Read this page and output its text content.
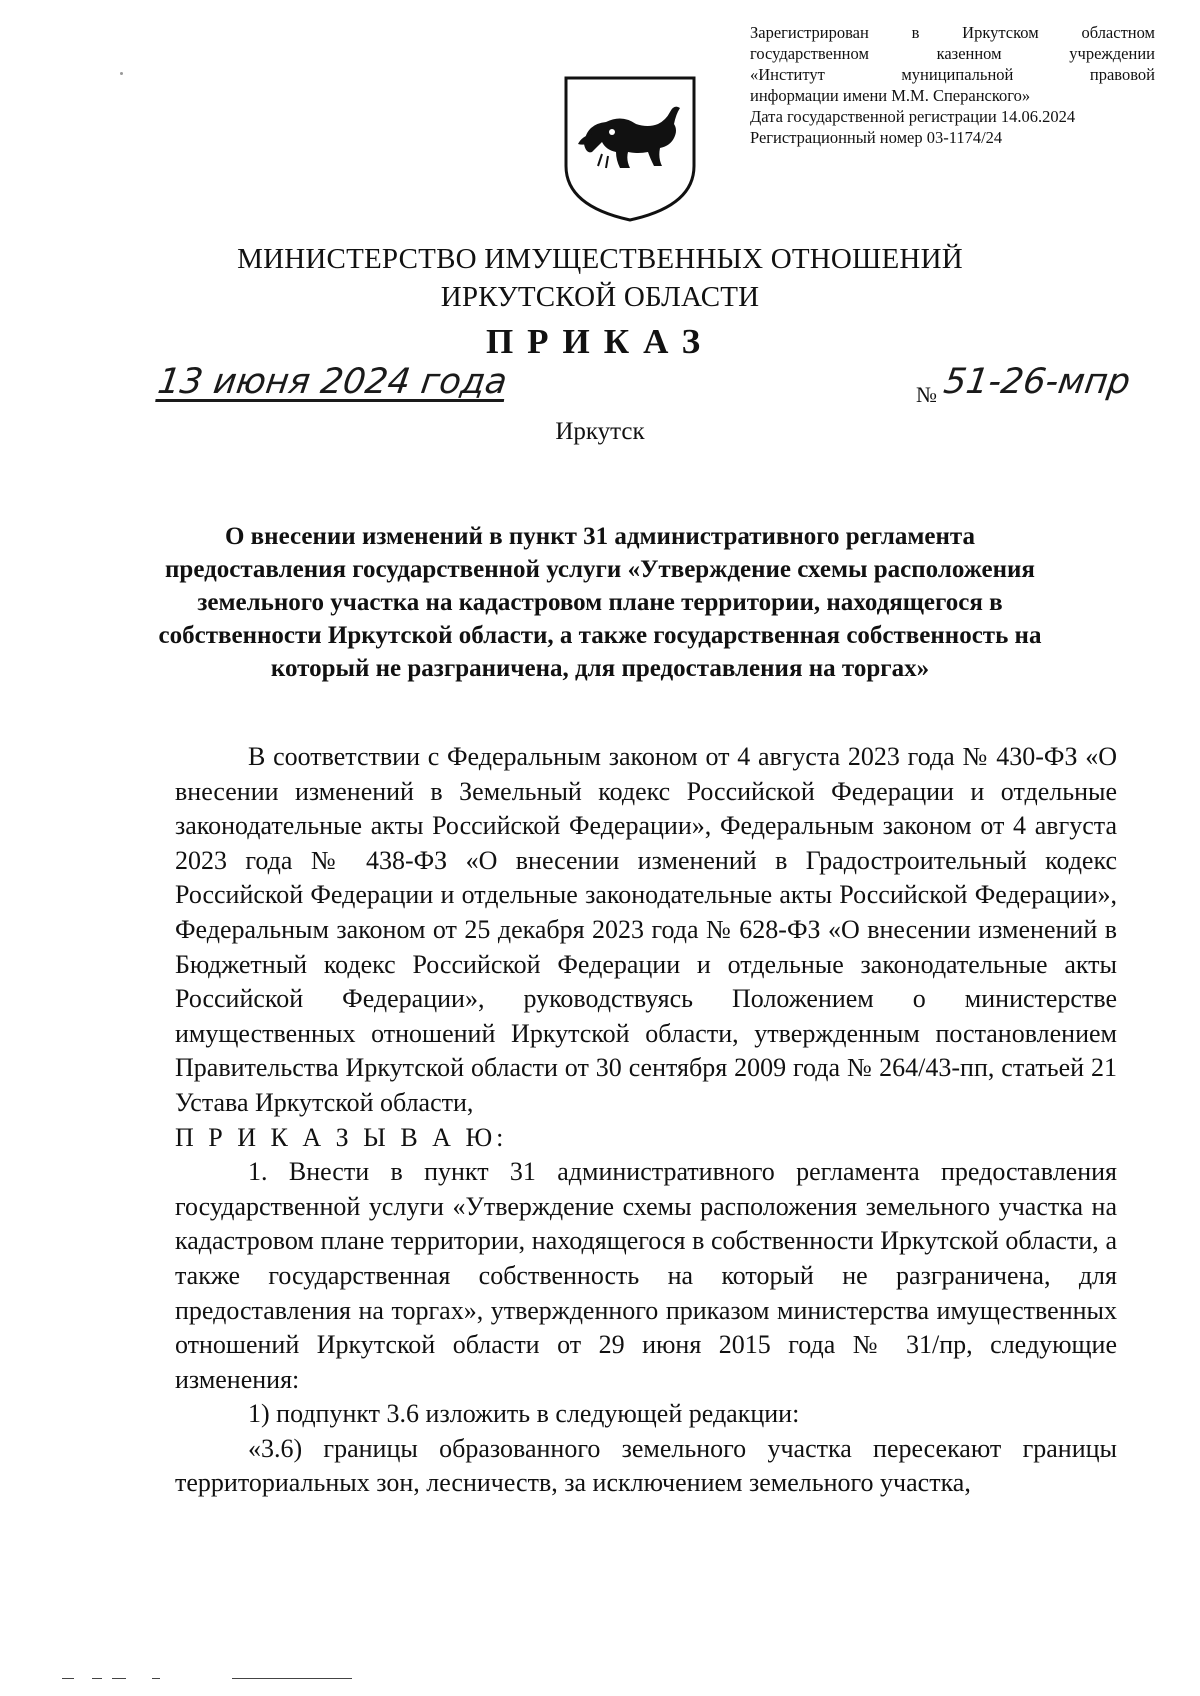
Зарегистрирован в Иркутском областном
государственном казенном учреждении
«Институт муниципальной правовой
информации имени М.М. Сперанского»
Дата государственной регистрации 14.06.2024
Регистрационный номер 03-1174/24
МИНИСТЕРСТВО ИМУЩЕСТВЕННЫХ ОТНОШЕНИЙ
ИРКУТСКОЙ ОБЛАСТИ
ПРИКАЗ
13 июня 2024 года	№ 51-26-мпр
Иркутск
О внесении изменений в пункт 31 административного регламента предоставления государственной услуги «Утверждение схемы расположения земельного участка на кадастровом плане территории, находящегося в собственности Иркутской области, а также государственная собственность на который не разграничена, для предоставления на торгах»

В соответствии с Федеральным законом от 4 августа 2023 года № 430-ФЗ «О внесении изменений в Земельный кодекс Российской Федерации и отдельные законодательные акты Российской Федерации», Федеральным законом от 4 августа 2023 года № 438-ФЗ «О внесении изменений в Градостроительный кодекс Российской Федерации и отдельные законодательные акты Российской Федерации», Федеральным законом от 25 декабря 2023 года № 628-ФЗ «О внесении изменений в Бюджетный кодекс Российской Федерации и отдельные законодательные акты Российской Федерации», руководствуясь Положением о министерстве имущественных отношений Иркутской области, утвержденным постановлением Правительства Иркутской области от 30 сентября 2009 года № 264/43-пп, статьей 21 Устава Иркутской области,

П Р И К А З Ы В А Ю:

1. Внести в пункт 31 административного регламента предоставления государственной услуги «Утверждение схемы расположения земельного участка на кадастровом плане территории, находящегося в собственности Иркутской области, а также государственная собственность на который не разграничена, для предоставления на торгах», утвержденного приказом министерства имущественных отношений Иркутской области от 29 июня 2015 года № 31/пр, следующие изменения:

1) подпункт 3.6 изложить в следующей редакции:

«3.6) границы образованного земельного участка пересекают границы территориальных зон, лесничеств, за исключением земельного участка,
